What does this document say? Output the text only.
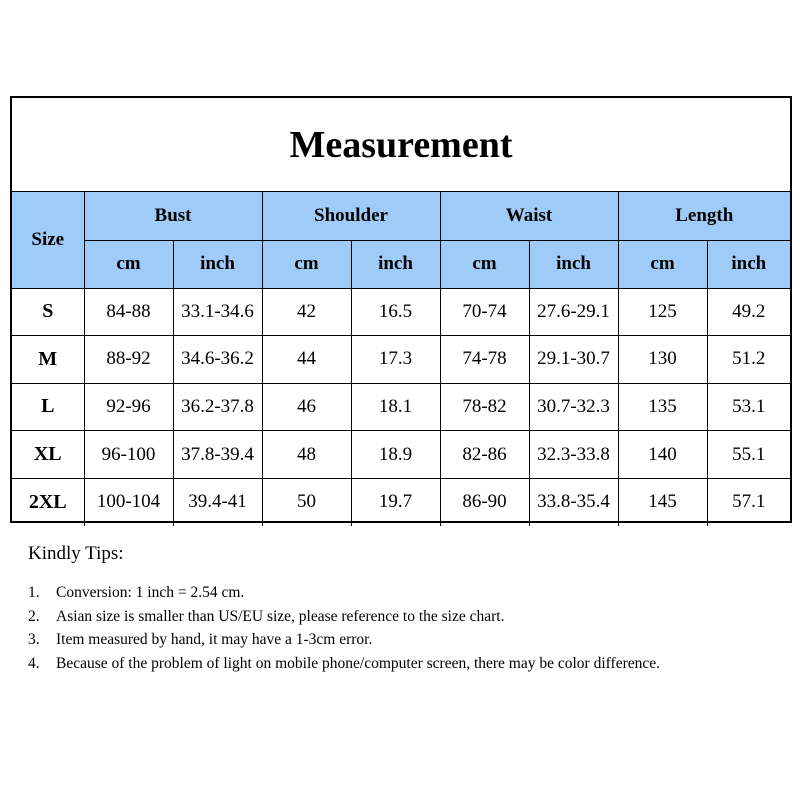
Measurement
Size	Bust		Shoulder		Waist		Length	
	cm	inch	cm	inch	cm	inch	cm	inch
S	84-88	33.1-34.6	42	16.5	70-74	27.6-29.1	125	49.2
M	88-92	34.6-36.2	44	17.3	74-78	29.1-30.7	130	51.2
L	92-96	36.2-37.8	46	18.1	78-82	30.7-32.3	135	53.1
XL	96-100	37.8-39.4	48	18.9	82-86	32.3-33.8	140	55.1
2XL	100-104	39.4-41	50	19.7	86-90	33.8-35.4	145	57.1
Kindly Tips:
1. Conversion: 1 inch = 2.54 cm.
2. Asian size is smaller than US/EU size, please reference to the size chart.
3. Item measured by hand, it may have a 1-3cm error.
4. Because of the problem of light on mobile phone/computer screen, there may be color difference.
